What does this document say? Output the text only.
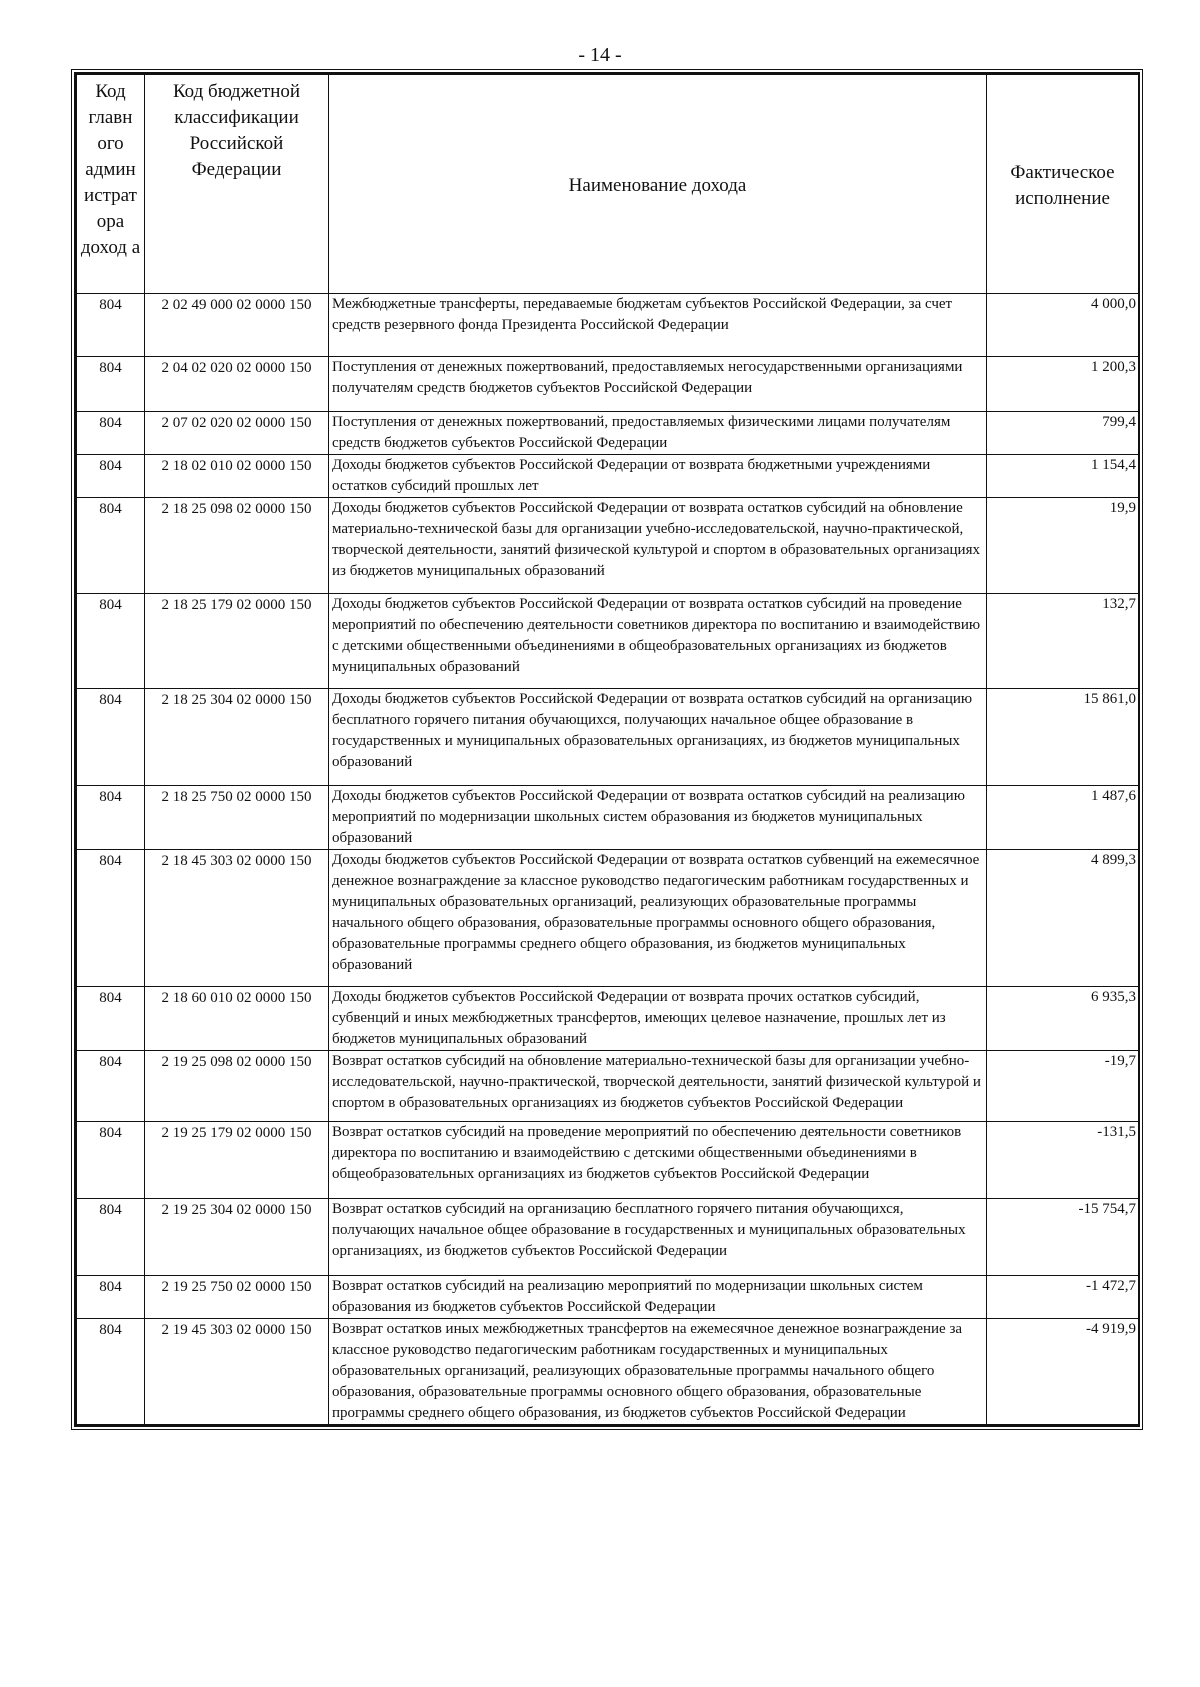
- 14 -
Код главн ого админ истрат ора доход а	Код бюджетной классификации Российской Федерации	Наименование дохода	Фактическое исполнение
804	2 02 49 000 02 0000 150	Межбюджетные трансферты, передаваемые бюджетам субъектов Российской Федерации, за счет средств резервного фонда Президента Российской Федерации	4 000,0
804	2 04 02 020 02 0000 150	Поступления от денежных пожертвований, предоставляемых негосударственными организациями получателям средств бюджетов субъектов Российской Федерации	1 200,3
804	2 07 02 020 02 0000 150	Поступления от денежных пожертвований, предоставляемых физическими лицами получателям средств бюджетов субъектов Российской Федерации	799,4
804	2 18 02 010 02 0000 150	Доходы бюджетов субъектов Российской Федерации от возврата бюджетными учреждениями остатков субсидий прошлых лет	1 154,4
804	2 18 25 098 02 0000 150	Доходы бюджетов субъектов Российской Федерации от возврата остатков субсидий на обновление материально-технической базы для организации учебно-исследовательской, научно-практической, творческой деятельности, занятий физической культурой и спортом в образовательных организациях из бюджетов муниципальных образований	19,9
804	2 18 25 179 02 0000 150	Доходы бюджетов субъектов Российской Федерации от возврата остатков субсидий на проведение мероприятий по обеспечению деятельности советников директора по воспитанию и взаимодействию с детскими общественными объединениями в общеобразовательных организациях из бюджетов муниципальных образований	132,7
804	2 18 25 304 02 0000 150	Доходы бюджетов субъектов Российской Федерации от возврата остатков субсидий на организацию бесплатного горячего питания обучающихся, получающих начальное общее образование в государственных и муниципальных образовательных организациях, из бюджетов муниципальных образований	15 861,0
804	2 18 25 750 02 0000 150	Доходы бюджетов субъектов Российской Федерации от возврата остатков субсидий на реализацию мероприятий по модернизации школьных систем образования из бюджетов муниципальных образований	1 487,6
804	2 18 45 303 02 0000 150	Доходы бюджетов субъектов Российской Федерации от возврата остатков субвенций на ежемесячное денежное вознаграждение за классное руководство педагогическим работникам государственных и муниципальных образовательных организаций, реализующих образовательные программы начального общего образования, образовательные программы основного общего образования, образовательные программы среднего общего образования, из бюджетов муниципальных образований	4 899,3
804	2 18 60 010 02 0000 150	Доходы бюджетов субъектов Российской Федерации от возврата прочих остатков субсидий, субвенций и иных межбюджетных трансфертов, имеющих целевое назначение, прошлых лет из бюджетов муниципальных образований	6 935,3
804	2 19 25 098 02 0000 150	Возврат остатков субсидий на обновление материально-технической базы для организации учебно-исследовательской, научно-практической, творческой деятельности, занятий физической культурой и спортом в образовательных организациях из бюджетов субъектов Российской Федерации	-19,7
804	2 19 25 179 02 0000 150	Возврат остатков субсидий на проведение мероприятий по обеспечению деятельности советников директора по воспитанию и взаимодействию с детскими общественными объединениями в общеобразовательных организациях из бюджетов субъектов Российской Федерации	-131,5
804	2 19 25 304 02 0000 150	Возврат остатков субсидий на организацию бесплатного горячего питания обучающихся, получающих начальное общее образование в государственных и муниципальных образовательных организациях, из бюджетов субъектов Российской Федерации	-15 754,7
804	2 19 25 750 02 0000 150	Возврат остатков субсидий на реализацию мероприятий по модернизации школьных систем образования из бюджетов субъектов Российской Федерации	-1 472,7
804	2 19 45 303 02 0000 150	Возврат остатков иных межбюджетных трансфертов на ежемесячное денежное вознаграждение за классное руководство педагогическим работникам государственных и муниципальных образовательных организаций, реализующих образовательные программы начального общего образования, образовательные программы основного общего образования, образовательные программы среднего общего образования, из бюджетов субъектов Российской Федерации	-4 919,9
